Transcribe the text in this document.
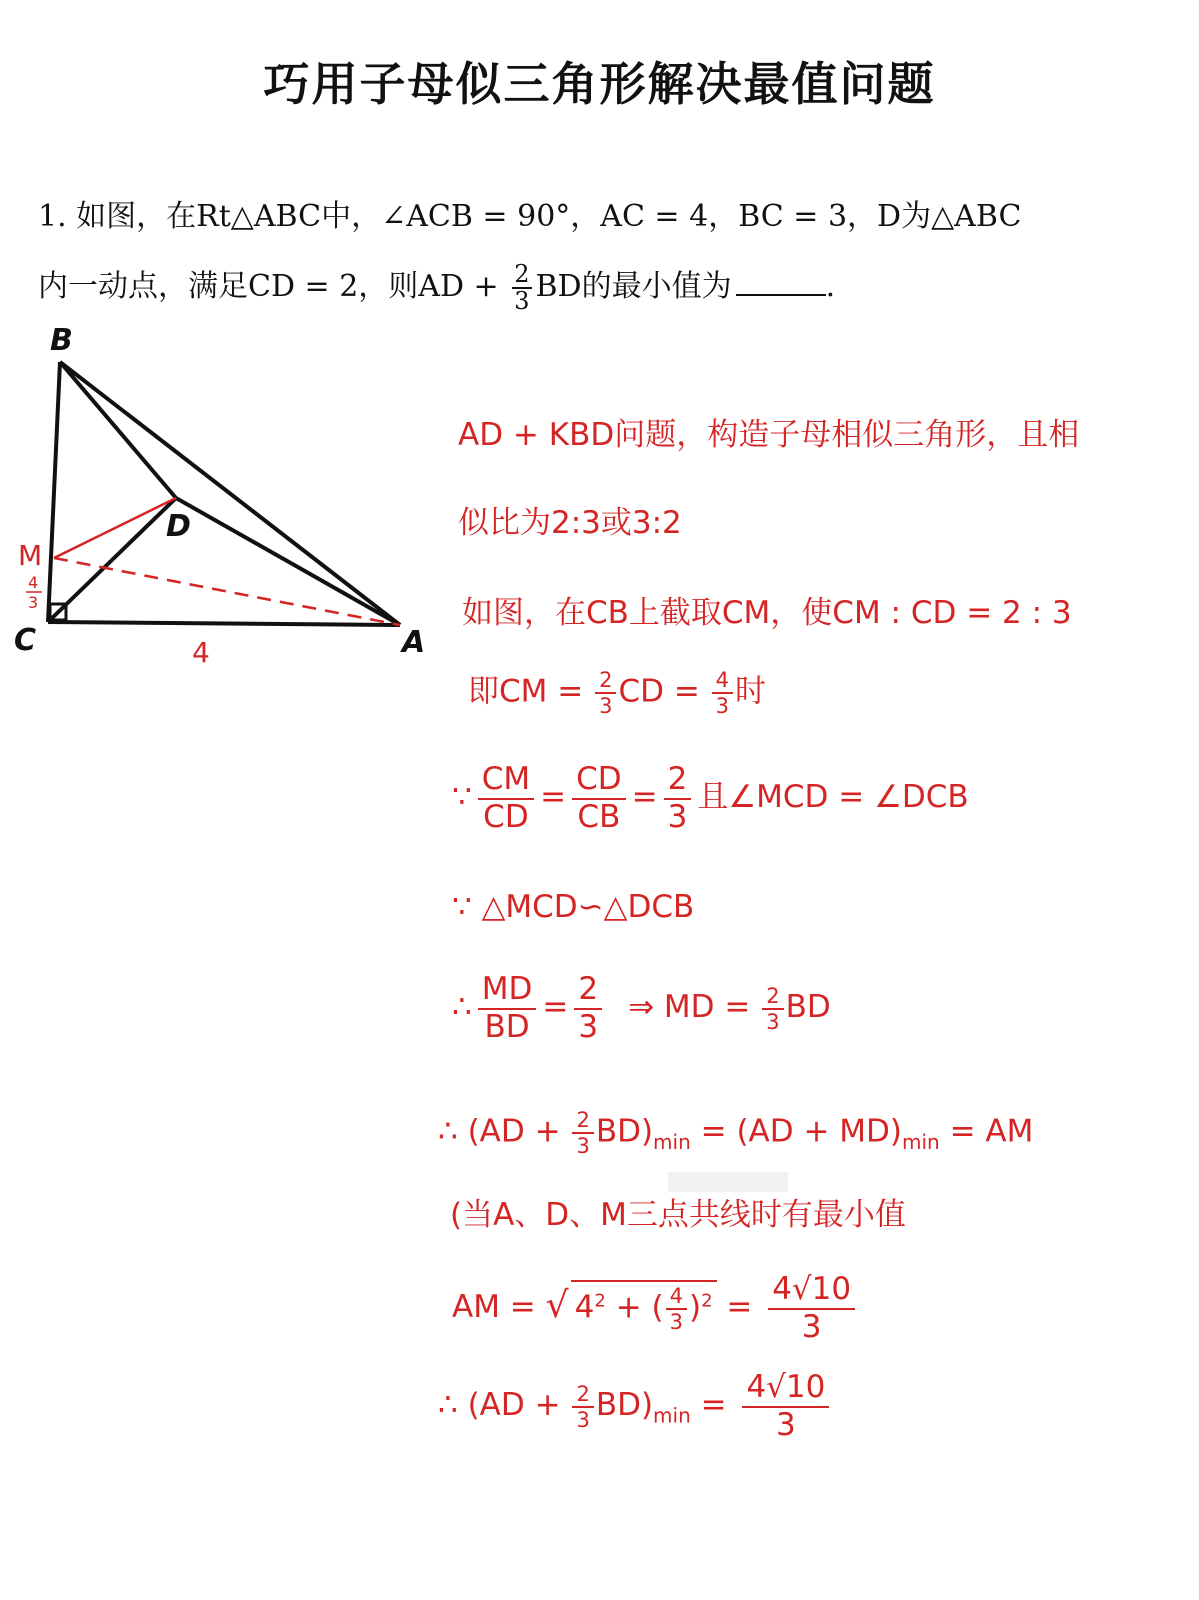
巧用子母似三角形解决最值问题
1. 如图，在Rt△ABC中，∠ACB = 90°，AC = 4，BC = 3，D为△ABC
内一动点，满足CD = 2，则AD + $\frac{2}{3}$ BD的最小值为	.
B
C	A
D
M
4
3
4
AD + KBD问题，构造子母相似三角形，且相
似比为2:3或3:2
如图，在CB上截取CM，使CM : CD = 2 : 3
即CM = $\frac{2}{3}$ CD = $\frac{4}{3}$ 时
∵ $\frac{CM}{CD} = \frac{CD}{CB} = \frac{2}{3}$ 且∠MCD = ∠DCB
∵ △MCD∽△DCB
∴ $\frac{MD}{BD} = \frac{2}{3}$ ⇒ MD = $\frac{2}{3}$ BD
∴ $(AD + \frac{2}{3} BD)_{min} = (AD + MD)_{min}$ = AM
(当A、D、M三点共线时有最小值
AM = √ $4^2$ + ( $\frac{4}{3} )^2 = \frac{4√10}{3}$
∴ $(AD + \frac{2}{3} BD)_{min} = \frac{4√10}{3}$
